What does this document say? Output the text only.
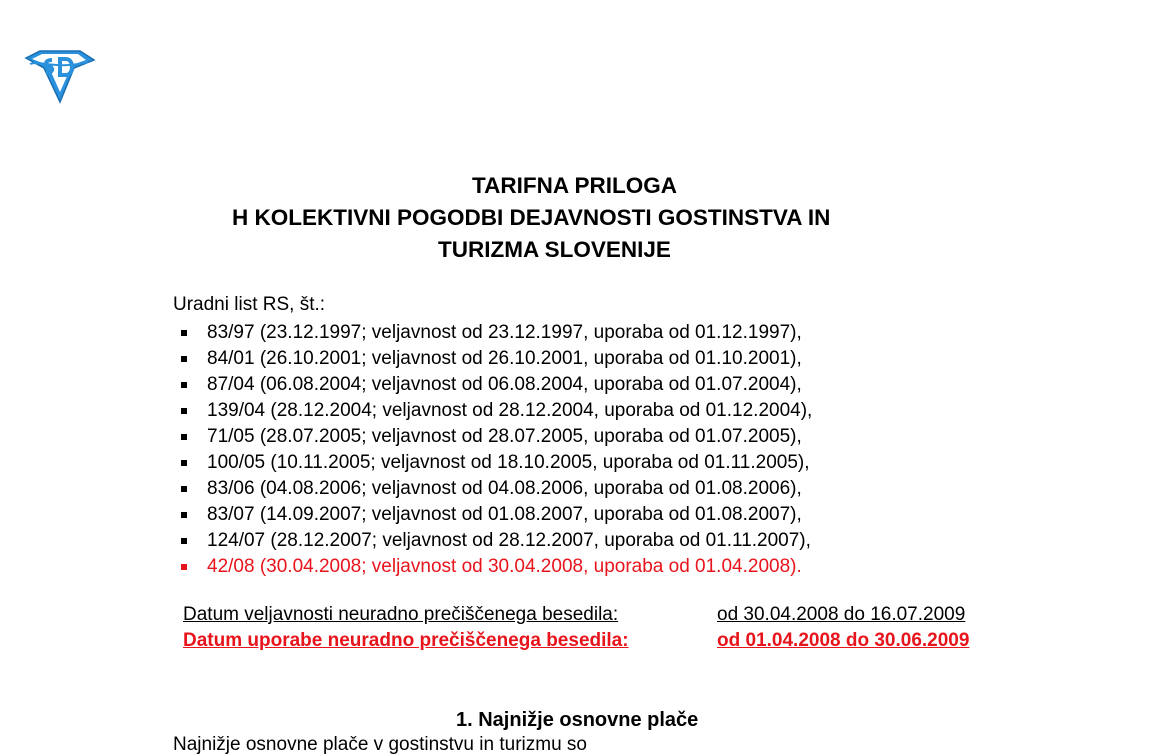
TARIFNA PRILOGA
H KOLEKTIVNI POGODBI DEJAVNOSTI GOSTINSTVA IN
TURIZMA SLOVENIJE
Uradni list RS, št.:
83/97 (23.12.1997; veljavnost od 23.12.1997, uporaba od 01.12.1997),
84/01 (26.10.2001; veljavnost od 26.10.2001, uporaba od 01.10.2001),
87/04 (06.08.2004; veljavnost od 06.08.2004, uporaba od 01.07.2004),
139/04 (28.12.2004; veljavnost od 28.12.2004, uporaba od 01.12.2004),
71/05 (28.07.2005; veljavnost od 28.07.2005, uporaba od 01.07.2005),
100/05 (10.11.2005; veljavnost od 18.10.2005, uporaba od 01.11.2005),
83/06 (04.08.2006; veljavnost od 04.08.2006, uporaba od 01.08.2006),
83/07 (14.09.2007; veljavnost od 01.08.2007, uporaba od 01.08.2007),
124/07 (28.12.2007; veljavnost od 28.12.2007, uporaba od 01.11.2007),
42/08 (30.04.2008; veljavnost od 30.04.2008, uporaba od 01.04.2008).
Datum veljavnosti neuradno prečiščenega besedila:	od 30.04.2008 do 16.07.2009
Datum uporabe neuradno prečiščenega besedila:	od 01.04.2008 do 30.06.2009
1. Najnižje osnovne plače
Najnižje osnovne plače v gostinstvu in turizmu so
